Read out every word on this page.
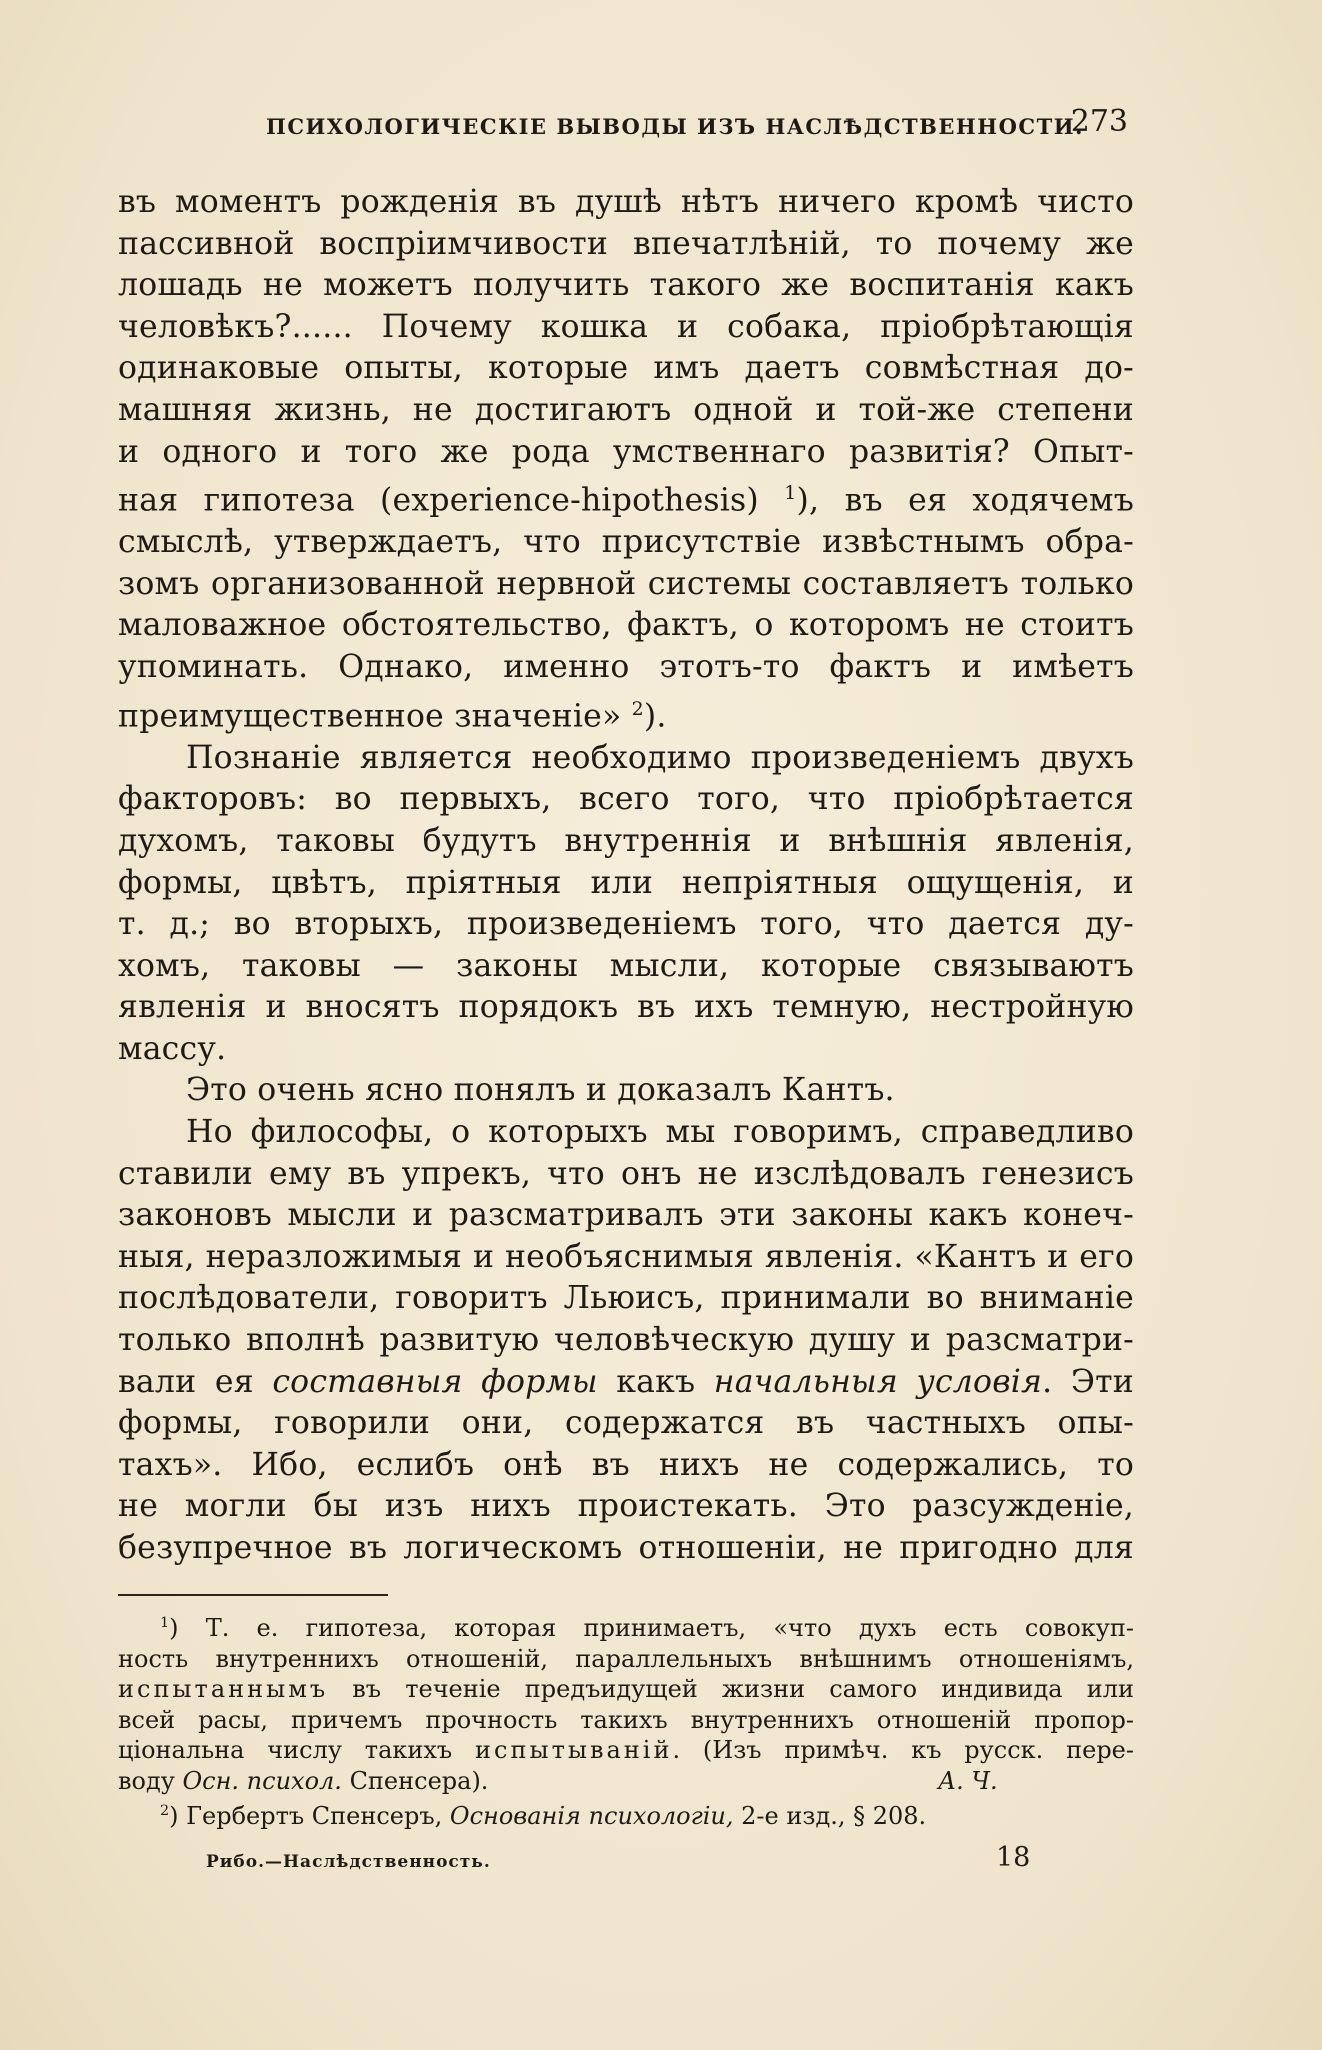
ПСИХОЛОГИЧЕСКІЕ ВЫВОДЫ ИЗЪ НАСЛѢДСТВЕННОСТИ.
273

въ моментъ рожденія въ душѣ нѣтъ ничего кромѣ чисто

пассивной воспріимчивости впечатлѣній, то почему же

лошадь не можетъ получить такого же воспитанія какъ

человѣкъ?...... Почему кошка и собака, пріобрѣтающія

одинаковые опыты, которые имъ даетъ совмѣстная до-

машняя жизнь, не достигаютъ одной и той-же степени

и одного и того же рода умственнаго развитія? Опыт-

ная гипотеза (experience-hipothesis) $^1$), въ ея ходячемъ

смыслѣ, утверждаетъ, что присутствіе извѣстнымъ обра-

зомъ организованной нервной системы составляетъ только

маловажное обстоятельство, фактъ, о которомъ не стоитъ

упоминать. Однако, именно этотъ-то фактъ и имѣетъ

преимущественное значеніе» $^2$).

Познаніе является необходимо произведеніемъ двухъ

факторовъ: во первыхъ, всего того, что пріобрѣтается

духомъ, таковы будутъ внутреннія и внѣшнія явленія,

формы, цвѣтъ, пріятныя или непріятныя ощущенія, и

т. д.; во вторыхъ, произведеніемъ того, что дается ду-

хомъ, таковы — законы мысли, которые связываютъ

явленія и вносятъ порядокъ въ ихъ темную, нестройную

массу.

Это очень ясно понялъ и доказалъ Кантъ.

Но философы, о которыхъ мы говоримъ, справедливо

ставили ему въ упрекъ, что онъ не изслѣдовалъ генезисъ

законовъ мысли и разсматривалъ эти законы какъ конеч-

ныя, неразложимыя и необъяснимыя явленія. «Кантъ и его

послѣдователи, говоритъ Льюисъ, принимали во вниманіе

только вполнѣ развитую человѣческую душу и разсматри-

вали ея составныя формы какъ начальныя условія. Эти

формы, говорили они, содержатся въ частныхъ опы-

тахъ». Ибо, еслибъ онѣ въ нихъ не содержались, то

не могли бы изъ нихъ проистекать. Это разсужденіе,

безупречное въ логическомъ отношеніи, не пригодно для

$^1$) Т. е. гипотеза, которая принимаетъ, «что духъ есть совокуп-

ность внутреннихъ отношеній, параллельныхъ внѣшнимъ отношеніямъ,

испытаннымъ въ теченіе предъидущей жизни самого индивида или

всей расы, причемъ прочность такихъ внутреннихъ отношеній пропор-

ціональна числу такихъ испытываній. (Изъ примѣч. къ русск. пере-

воду Осн. психол. Спенсера).	А. Ч.

$^2$) Гербертъ Спенсеръ, Основанія психологіи, 2-е изд., § 208.

Рибо.—Наслѣдственность.	18
